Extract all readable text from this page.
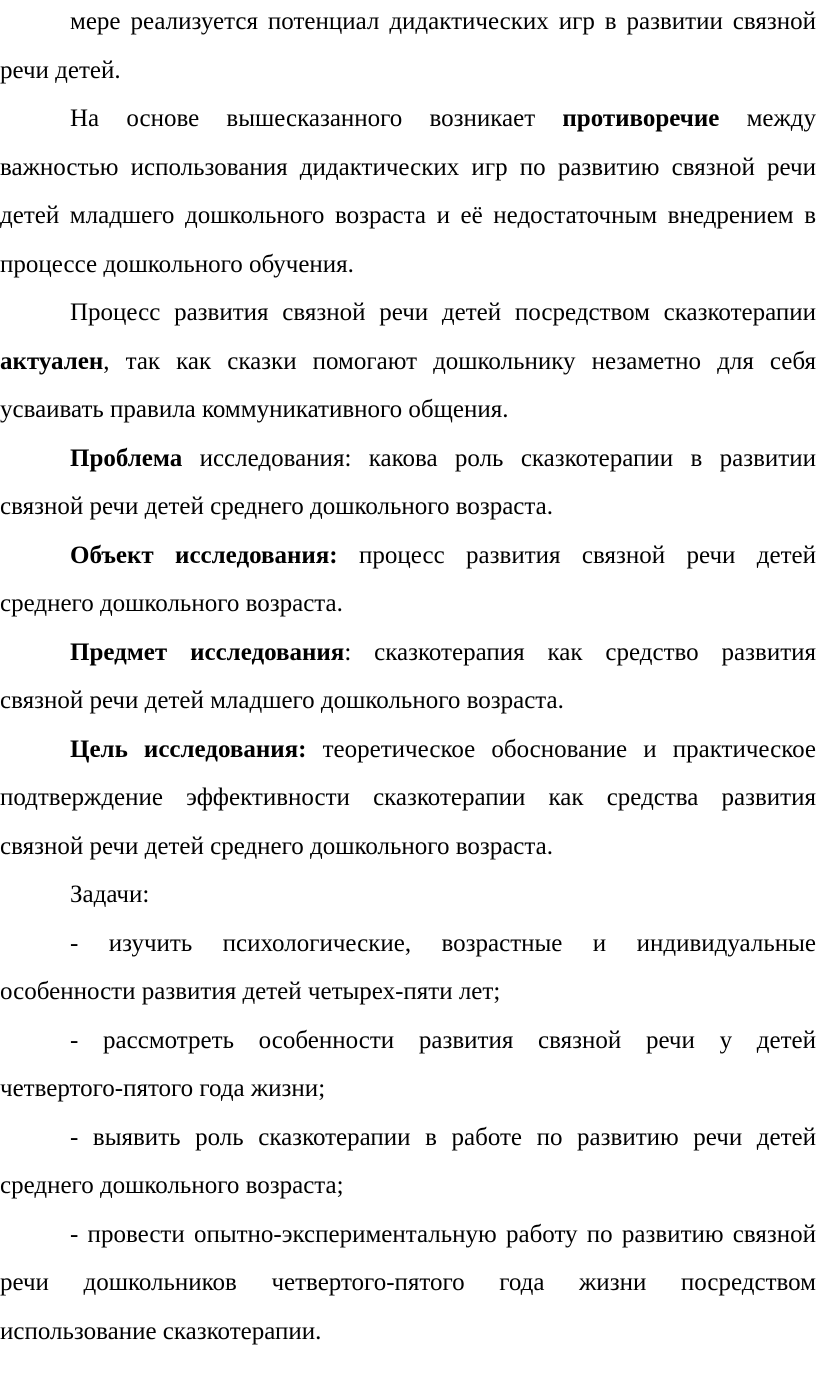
мере реализуется потенциал дидактических игр в развитии связной речи детей.

На основе вышесказанного возникает противоречие между важностью использования дидактических игр по развитию связной речи детей младшего дошкольного возраста и её недостаточным внедрением в процессе дошкольного обучения.

Процесс развития связной речи детей посредством сказкотерапии актуален, так как сказки помогают дошкольнику незаметно для себя усваивать правила коммуникативного общения.

Проблема исследования: какова роль сказкотерапии в развитии связной речи детей среднего дошкольного возраста.

Объект исследования: процесс развития связной речи детей среднего дошкольного возраста.

Предмет исследования: сказкотерапия как средство развития связной речи детей младшего дошкольного возраста.

Цель исследования: теоретическое обоснование и практическое подтверждение эффективности сказкотерапии как средства развития связной речи детей среднего дошкольного возраста.

Задачи:

- изучить психологические, возрастные и индивидуальные особенности развития детей четырех-пяти лет;

- рассмотреть особенности развития связной речи у детей четвертого-пятого года жизни;

- выявить роль сказкотерапии в работе по развитию речи детей среднего дошкольного возраста;

- провести опытно-экспериментальную работу по развитию связной речи дошкольников четвертого-пятого года жизни посредством использование сказкотерапии.
